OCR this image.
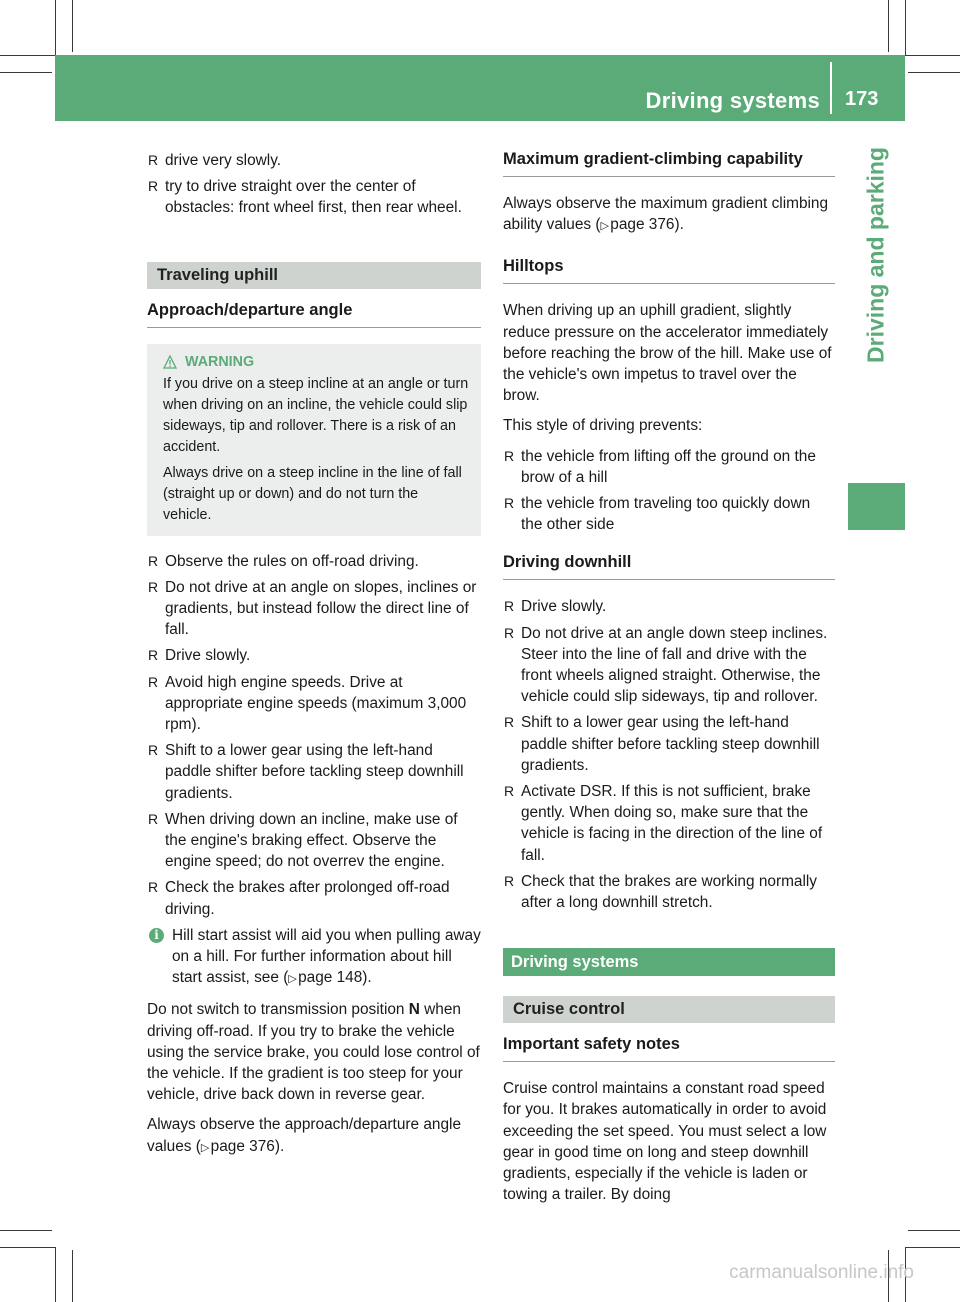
Driving systems 173
Driving and parking
R drive very slowly.
R try to drive straight over the center of obstacles: front wheel first, then rear wheel.
Traveling uphill
Approach/departure angle
WARNING

If you drive on a steep incline at an angle or turn when driving on an incline, the vehicle could slip sideways, tip and rollover. There is a risk of an accident.

Always drive on a steep incline in the line of fall (straight up or down) and do not turn the vehicle.

R Observe the rules on off-road driving.
R Do not drive at an angle on slopes, inclines or gradients, but instead follow the direct line of fall.
R Drive slowly.
R Avoid high engine speeds. Drive at appropriate engine speeds (maximum 3,000 rpm).
R Shift to a lower gear using the left-hand paddle shifter before tackling steep downhill gradients.
R When driving down an incline, make use of the engine's braking effect. Observe the engine speed; do not overrev the engine.
R Check the brakes after prolonged off-road driving.
i Hill start assist will aid you when pulling away on a hill. For further information about hill start assist, see (▷ page 148).

Do not switch to transmission position N when driving off-road. If you try to brake the vehicle using the service brake, you could lose control of the vehicle. If the gradient is too steep for your vehicle, drive back down in reverse gear.

Always observe the approach/departure angle values (▷ page 376).

Maximum gradient-climbing capability

Always observe the maximum gradient climbing ability values (▷ page 376).

Hilltops

When driving up an uphill gradient, slightly reduce pressure on the accelerator immediately before reaching the brow of the hill. Make use of the vehicle's own impetus to travel over the brow.

This style of driving prevents:

R the vehicle from lifting off the ground on the brow of a hill
R the vehicle from traveling too quickly down the other side
Driving downhill
R Drive slowly.
R Do not drive at an angle down steep inclines. Steer into the line of fall and drive with the front wheels aligned straight. Otherwise, the vehicle could slip sideways, tip and rollover.
R Shift to a lower gear using the left-hand paddle shifter before tackling steep downhill gradients.
R Activate DSR. If this is not sufficient, brake gently. When doing so, make sure that the vehicle is facing in the direction of the line of fall.
R Check that the brakes are working normally after a long downhill stretch.
Driving systems
Cruise control
Important safety notes

Cruise control maintains a constant road speed for you. It brakes automatically in order to avoid exceeding the set speed. You must select a low gear in good time on long and steep downhill gradients, especially if the vehicle is laden or towing a trailer. By doing

carmanualsonline.info
